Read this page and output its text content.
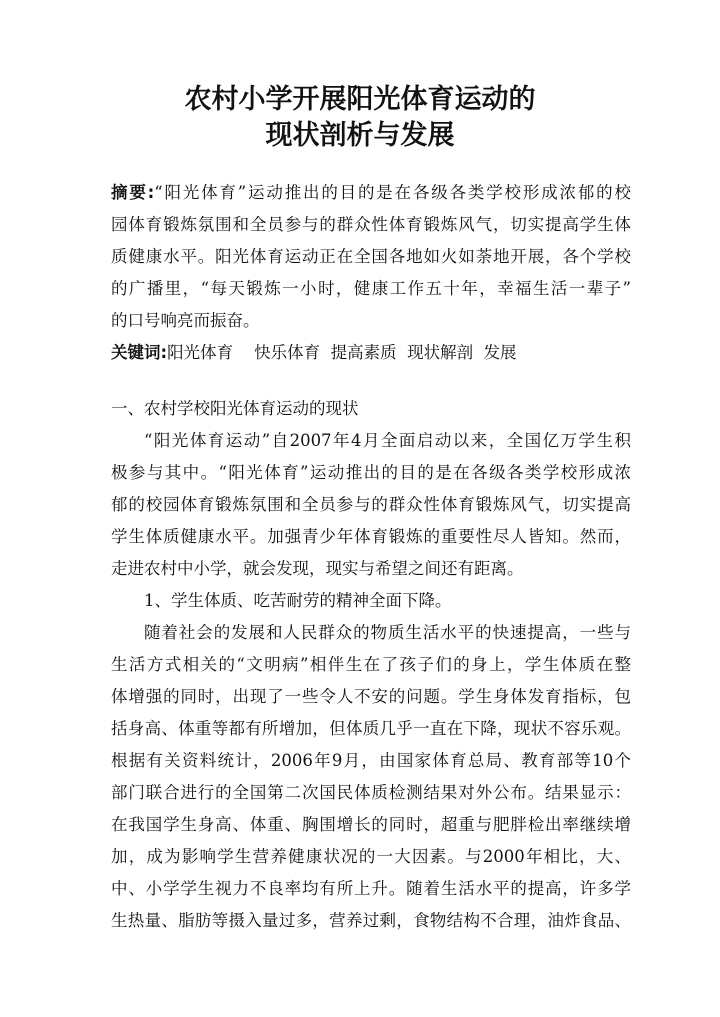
农村小学开展阳光体育运动的
现状剖析与发展
摘要:“阳光体育”运动推出的目的是在各级各类学校形成浓郁的校
园体育锻炼氛围和全员参与的群众性体育锻炼风气，切实提高学生体
质健康水平。阳光体育运动正在全国各地如火如荼地开展，各个学校
的广播里，“每天锻炼一小时，健康工作五十年，幸福生活一辈子”
的口号响亮而振奋。
关键词:阳光体育    快乐体育  提高素质  现状解剖  发展
一、农村学校阳光体育运动的现状
“阳光体育运动”自2007年4月全面启动以来，全国亿万学生积
极参与其中。“阳光体育”运动推出的目的是在各级各类学校形成浓
郁的校园体育锻炼氛围和全员参与的群众性体育锻炼风气，切实提高
学生体质健康水平。加强青少年体育锻炼的重要性尽人皆知。然而，
走进农村中小学，就会发现，现实与希望之间还有距离。
1、学生体质、吃苦耐劳的精神全面下降。
随着社会的发展和人民群众的物质生活水平的快速提高，一些与
生活方式相关的“文明病”相伴生在了孩子们的身上，学生体质在整
体增强的同时，出现了一些令人不安的问题。学生身体发育指标，包
括身高、体重等都有所增加，但体质几乎一直在下降，现状不容乐观。
根据有关资料统计，2006年9月，由国家体育总局、教育部等10个
部门联合进行的全国第二次国民体质检测结果对外公布。结果显示：
在我国学生身高、体重、胸围增长的同时，超重与肥胖检出率继续增
加，成为影响学生营养健康状况的一大因素。与2000年相比，大、
中、小学学生视力不良率均有所上升。随着生活水平的提高，许多学
生热量、脂肪等摄入量过多，营养过剩，食物结构不合理，油炸食品、
